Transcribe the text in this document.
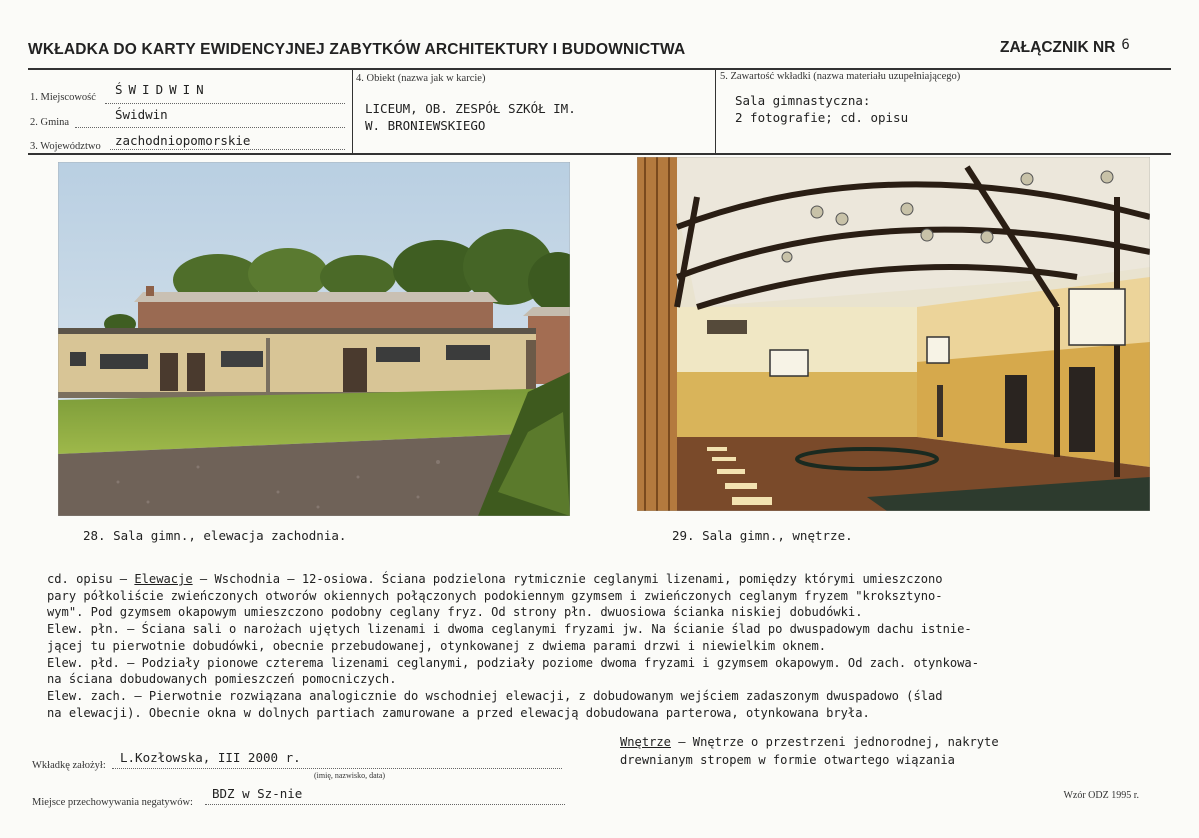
WKŁADKA DO KARTY EWIDENCYJNEJ ZABYTKÓW ARCHITEKTURY I BUDOWNICTWA	ZAŁĄCZNIK NR 6
1. Miejscowość
ŚWIDWIN
2. Gmina
Świdwin
3. Województwo zachodniopomorskie
4. Obiekt (nazwa jak w karcie)
LICEUM, OB. ZESPÓŁ SZKÓŁ IM.
W. BRONIEWSKIEGO
5. Zawartość wkładki (nazwa materiału uzupełniającego)
Sala gimnastyczna:
2 fotografie; cd. opisu
28. Sala gimn., elewacja zachodnia.	29. Sala gimn., wnętrze.

cd. opisu – Elewacje – Wschodnia – 12-osiowa. Ściana podzielona rytmicznie ceglanymi lizenami, pomiędzy którymi umieszczono

pary półkoliście zwieńczonych otworów okiennych połączonych podokiennym gzymsem i zwieńczonych ceglanym fryzem "kroksztyno-

wym". Pod gzymsem okapowym umieszczono podobny ceglany fryz. Od strony płn. dwuosiowa ścianka niskiej dobudówki.

Elew. płn. – Ściana sali o narożach ujętych lizenami i dwoma ceglanymi fryzami jw. Na ścianie ślad po dwuspadowym dachu istnie-

jącej tu pierwotnie dobudówki, obecnie przebudowanej, otynkowanej z dwiema parami drzwi i niewielkim oknem.

Elew. płd. – Podziały pionowe czterema lizenami ceglanymi, podziały poziome dwoma fryzami i gzymsem okapowym. Od zach. otynkowa-

na ściana dobudowanych pomieszczeń pomocniczych.

Elew. zach. – Pierwotnie rozwiązana analogicznie do wschodniej elewacji, z dobudowanym wejściem zadaszonym dwuspadowo (ślad

na elewacji). Obecnie okna w dolnych partiach zamurowane a przed elewacją dobudowana parterowa, otynkowana bryła.

Wnętrze – Wnętrze o przestrzeni jednorodnej, nakryte

drewnianym stropem w formie otwartego wiązania

Wkładkę założył:
L.Kozłowska, III 2000 r.
(imię, nazwisko, data)
Miejsce przechowywania negatywów:
BDZ w Sz-nie	Wzór ODZ 1995 r.
